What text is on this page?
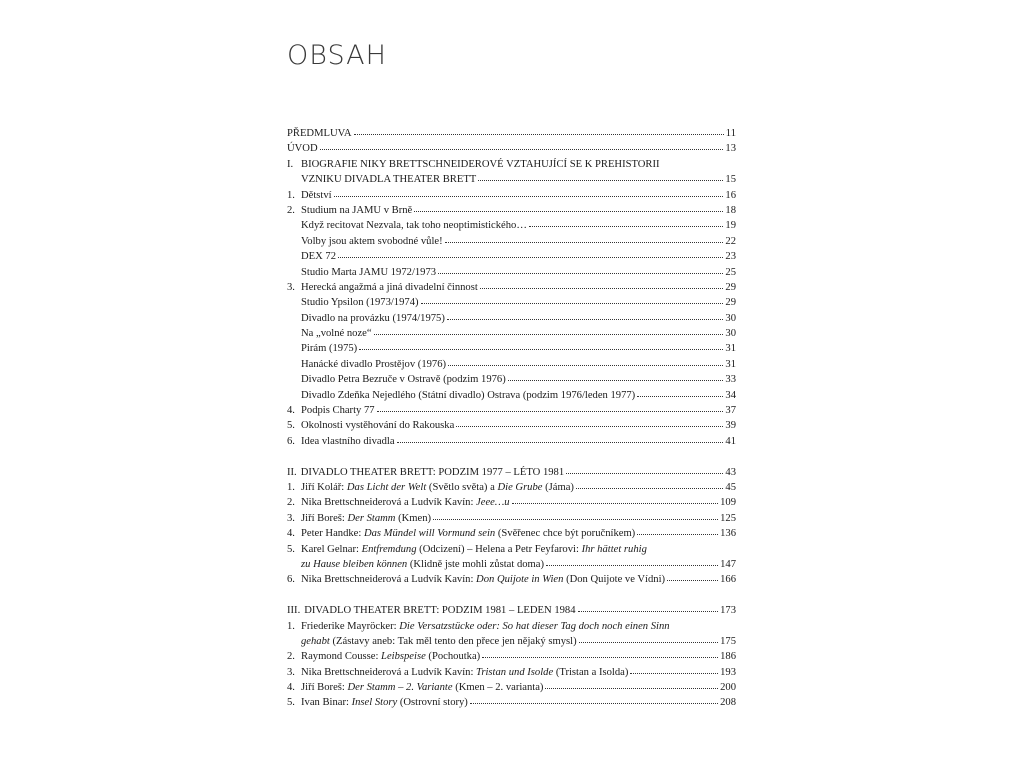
OBSAH
PŘEDMLUVA	11
ÚVOD	13
I. BIOGRAFIE NIKY BRETTSCHNEIDEROVÉ VZTAHUJÍCÍ SE K PREHISTORII
VZNIKU DIVADLA THEATER BRETT	15
1. Dětství	16
2. Studium na JAMU v Brně	18
Když recitovat Nezvala, tak toho neoptimistického…	19
Volby jsou aktem svobodné vůle!	22
DEX 72	23
Studio Marta JAMU 1972/1973	25
3. Herecká angažmá a jiná divadelní činnost	29
Studio Ypsilon (1973/1974)	29
Divadlo na provázku (1974/1975)	30
Na „volné noze“	30
Pirám (1975)	31
Hanácké divadlo Prostějov (1976)	31
Divadlo Petra Bezruče v Ostravě (podzim 1976)	33
Divadlo Zdeňka Nejedlého (Státní divadlo) Ostrava (podzim 1976/leden 1977)	34
4. Podpis Charty 77	37
5. Okolnosti vystěhování do Rakouska	39
6. Idea vlastního divadla	41
II. DIVADLO THEATER BRETT: PODZIM 1977 – LÉTO 1981	43
1. Jiří Kolář: Das Licht der Welt (Světlo světa) a Die Grube (Jáma)	45
2. Nika Brettschneiderová a Ludvík Kavín: Jeee…u	109
3. Jiří Boreš: Der Stamm (Kmen)	125
4. Peter Handke: Das Mündel will Vormund sein (Svěřenec chce být poručníkem)	136
5. Karel Gelnar: Entfremdung (Odcizení) – Helena a Petr Feyfarovi: Ihr hättet ruhig
zu Hause bleiben können (Klidně jste mohli zůstat doma)	147
6. Nika Brettschneiderová a Ludvík Kavín: Don Quijote in Wien (Don Quijote ve Vídni)	166
III. DIVADLO THEATER BRETT: PODZIM 1981 – LEDEN 1984	173
1. Friederike Mayröcker: Die Versatzstücke oder: So hat dieser Tag doch noch einen Sinn
gehabt (Zástavy aneb: Tak měl tento den přece jen nějaký smysl)	175
2. Raymond Cousse: Leibspeise (Pochoutka)	186
3. Nika Brettschneiderová a Ludvík Kavín: Tristan und Isolde (Tristan a Isolda)	193
4. Jiří Boreš: Der Stamm – 2. Variante (Kmen – 2. varianta)	200
5. Ivan Binar: Insel Story (Ostrovní story)	208
